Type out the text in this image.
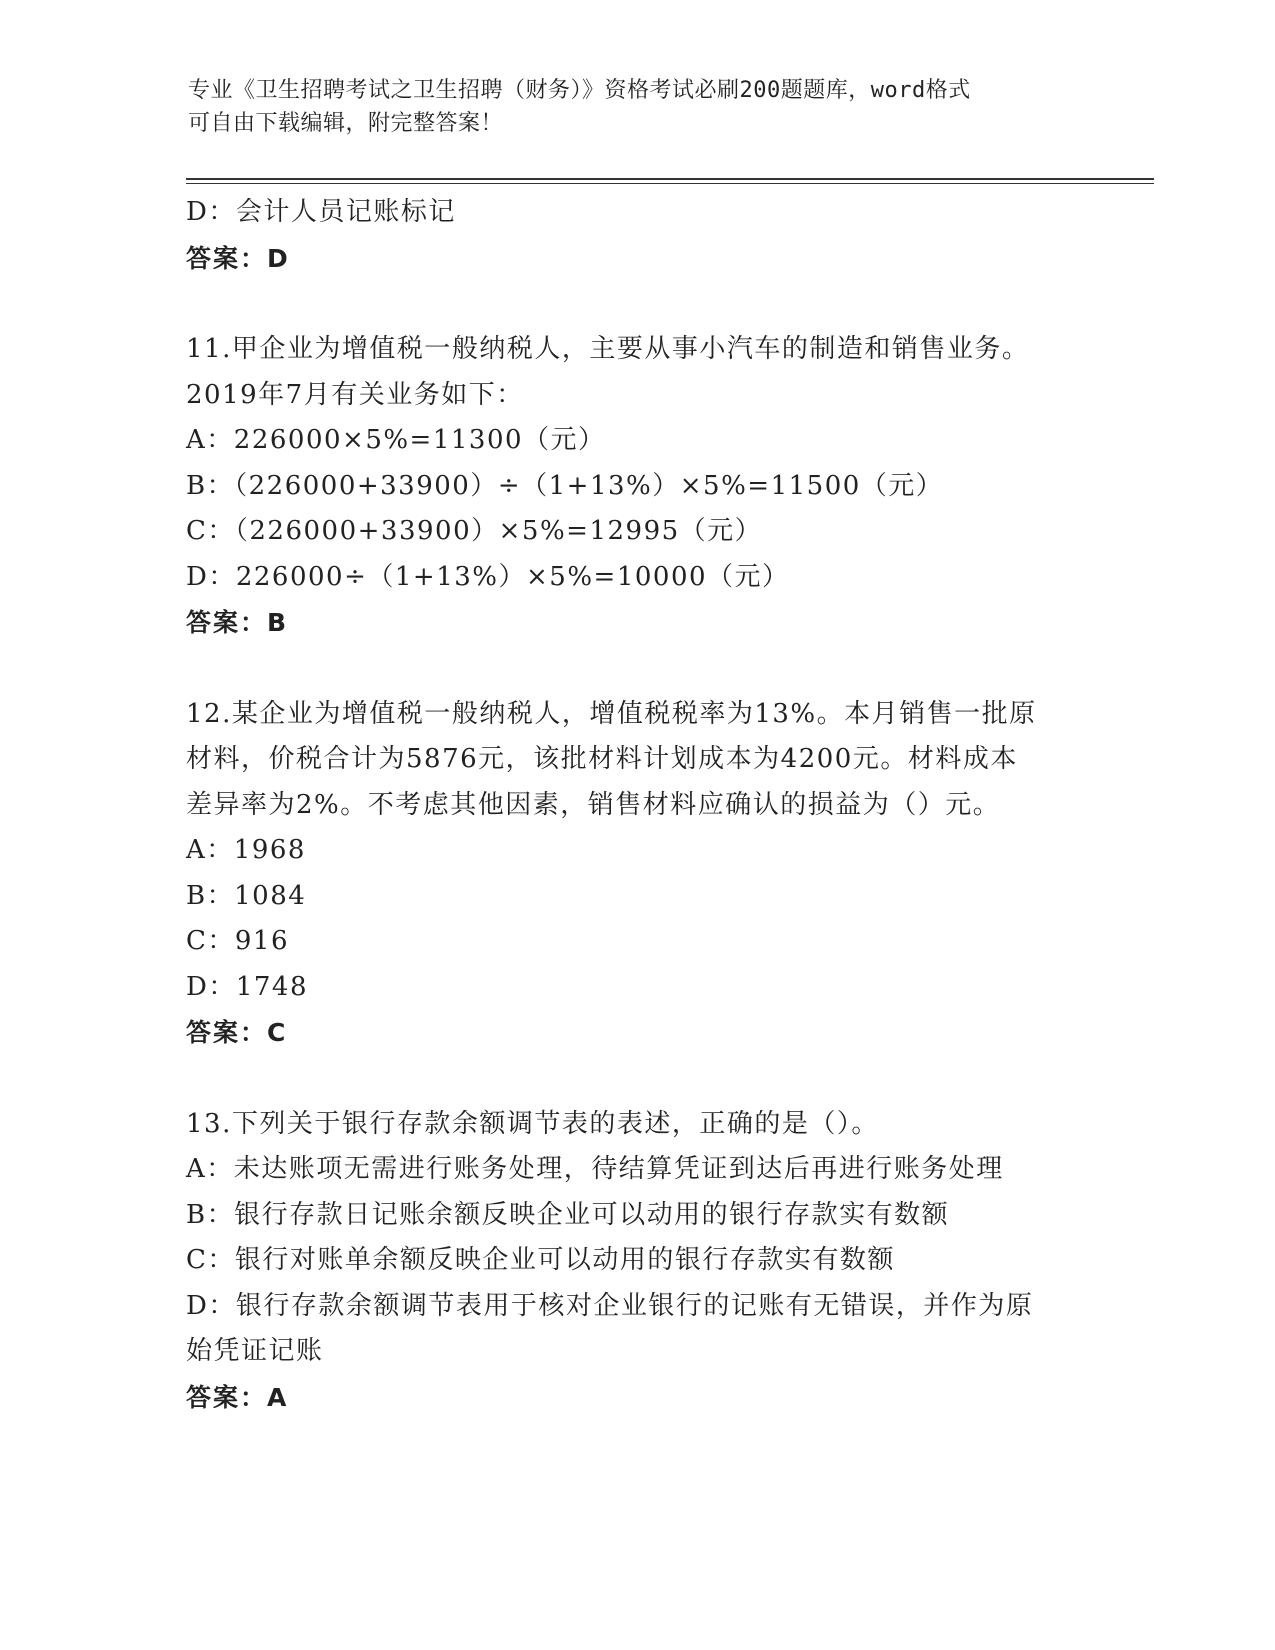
专业《卫生招聘考试之卫生招聘（财务）》资格考试必刷200题题库，word格式
可自由下载编辑，附完整答案！
D：会计人员记账标记
答案：D
11.甲企业为增值税一般纳税人，主要从事小汽车的制造和销售业务。
2019年7月有关业务如下：
A：226000×5%=11300（元）
B：（226000+33900）÷（1+13%）×5%=11500（元）
C：（226000+33900）×5%=12995（元）
D：226000÷（1+13%）×5%=10000（元）
答案：B
12.某企业为增值税一般纳税人，增值税税率为13%。本月销售一批原
材料，价税合计为5876元，该批材料计划成本为4200元。材料成本
差异率为2%。不考虑其他因素，销售材料应确认的损益为（）元。
A：1968
B：1084
C：916
D：1748
答案：C
13.下列关于银行存款余额调节表的表述，正确的是（）。
A：未达账项无需进行账务处理，待结算凭证到达后再进行账务处理
B：银行存款日记账余额反映企业可以动用的银行存款实有数额
C：银行对账单余额反映企业可以动用的银行存款实有数额
D：银行存款余额调节表用于核对企业银行的记账有无错误，并作为原
始凭证记账
答案：A
